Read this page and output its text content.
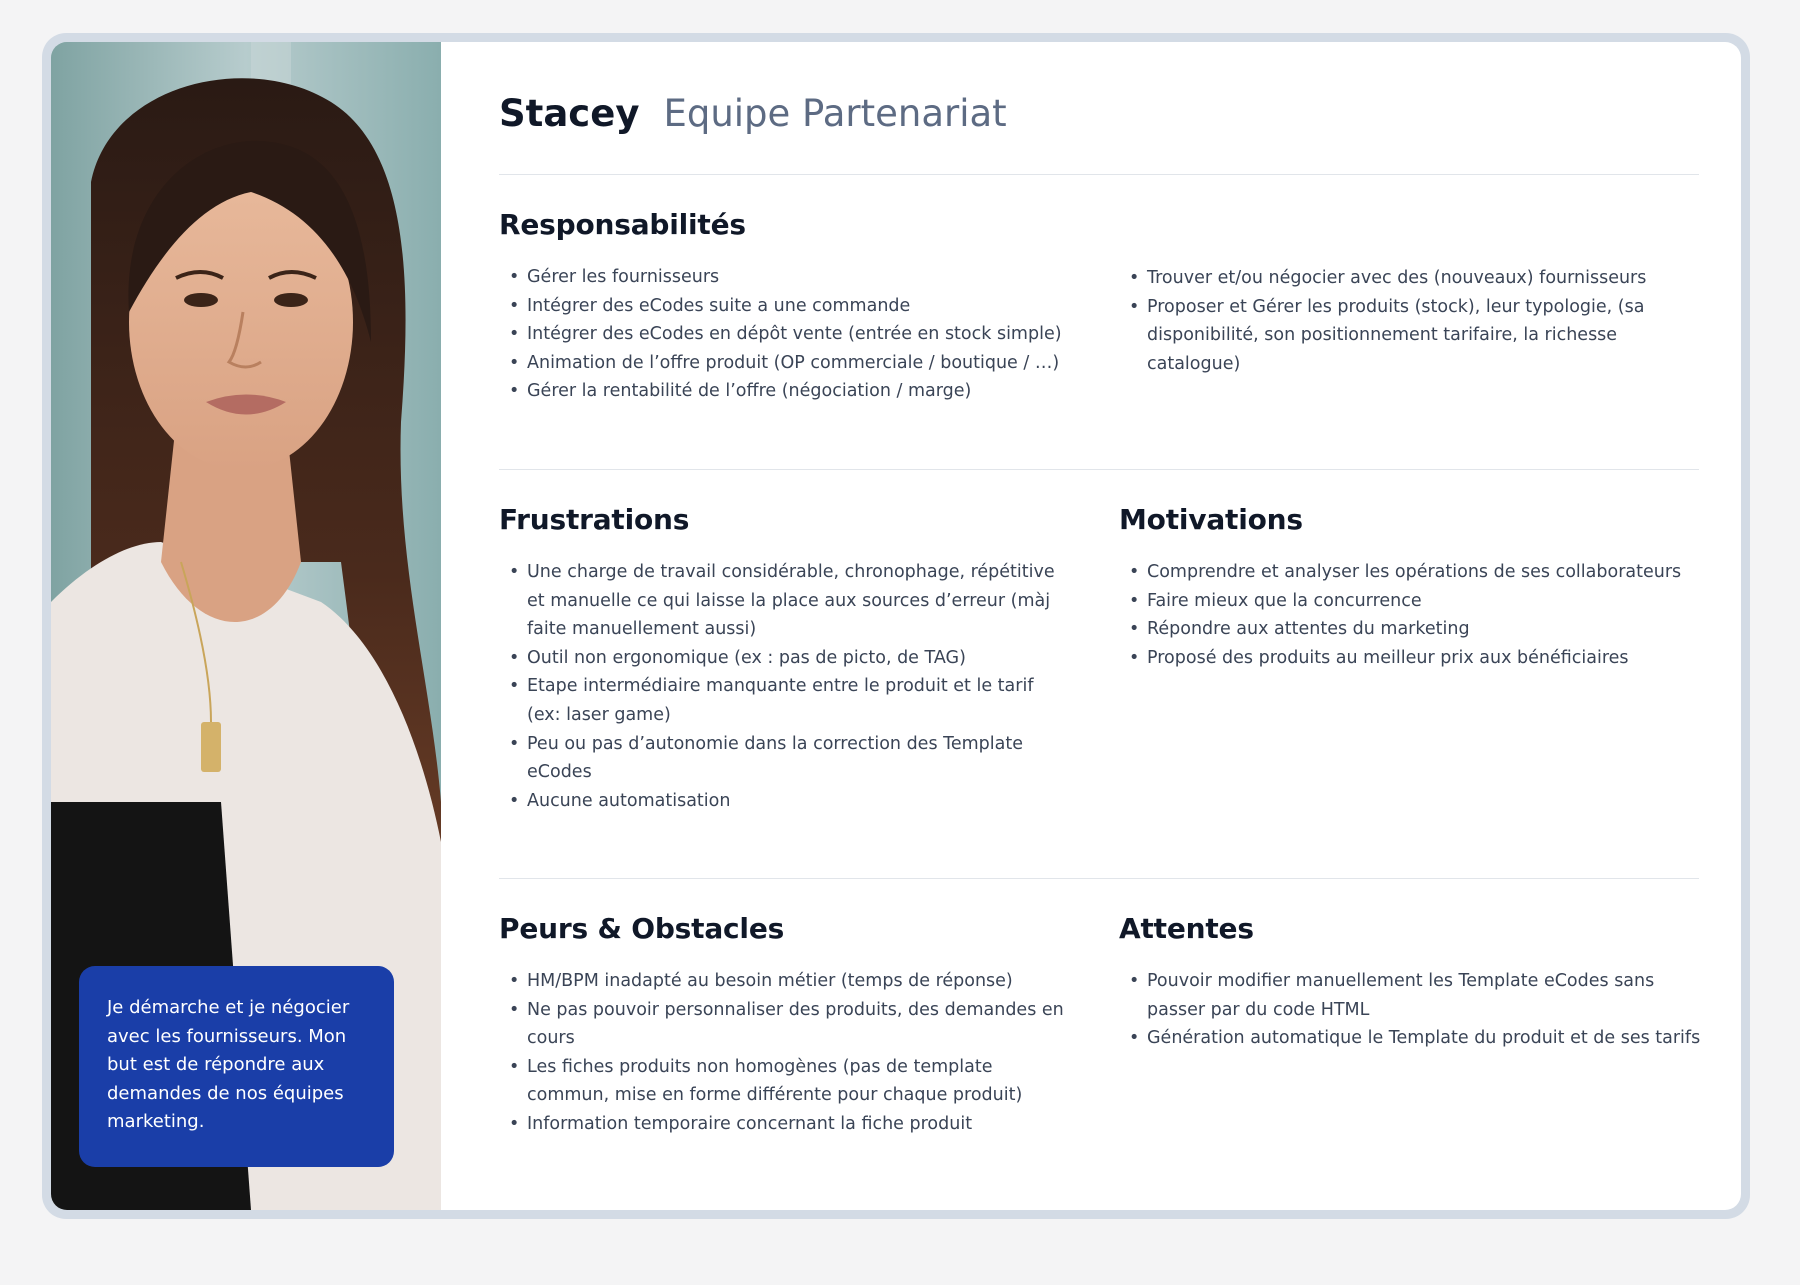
Je démarche et je négocier avec les fournisseurs. Mon but est de répondre aux demandes de nos équipes marketing.
Stacey Equipe Partenariat
Responsabilités
• Gérer les fournisseurs
• Intégrer des eCodes suite a une commande
• Intégrer des eCodes en dépôt vente (entrée en stock simple)
• Animation de l’offre produit (OP commerciale / boutique / …)
• Gérer la rentabilité de l’offre (négociation / marge)
• Trouver et/ou négocier avec des (nouveaux) fournisseurs
• Proposer et Gérer les produits (stock), leur typologie, (sa disponibilité, son positionnement tarifaire, la richesse catalogue)
Frustrations
• Une charge de travail considérable, chronophage, répétitive et manuelle ce qui laisse la place aux sources d’erreur (màj faite manuellement aussi)
• Outil non ergonomique (ex : pas de picto, de TAG)
• Etape intermédiaire manquante entre le produit et le tarif (ex: laser game)
• Peu ou pas d’autonomie dans la correction des Template eCodes
• Aucune automatisation
Motivations
• Comprendre et analyser les opérations de ses collaborateurs
• Faire mieux que la concurrence
• Répondre aux attentes du marketing
• Proposé des produits au meilleur prix aux bénéficiaires
Peurs & Obstacles
• HM/BPM inadapté au besoin métier (temps de réponse)
• Ne pas pouvoir personnaliser des produits, des demandes en cours
• Les fiches produits non homogènes (pas de template commun, mise en forme différente pour chaque produit)
• Information temporaire concernant la fiche produit
Attentes
• Pouvoir modifier manuellement les Template eCodes sans passer par du code HTML
• Génération automatique le Template du produit et de ses tarifs
